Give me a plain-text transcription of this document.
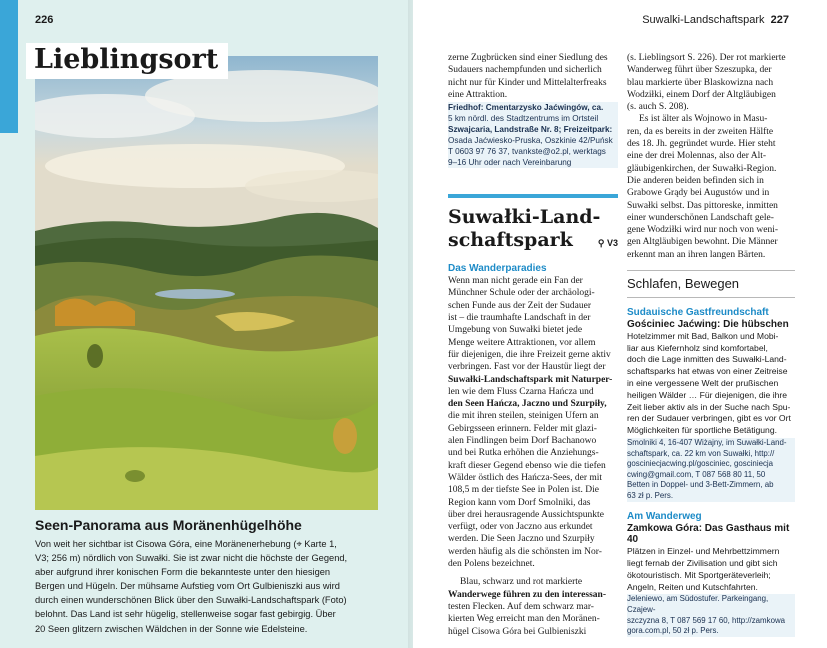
226
Lieblingsort
Seen-Panorama aus Moränenhügelhöhe
Von weit her sichtbar ist Cisowa Góra, eine Moränenerhebung (⌖ Karte 1,
V3; 256 m) nördlich von Suwałki. Sie ist zwar nicht die höchste der Gegend,
aber aufgrund ihrer konischen Form die bekannteste unter den hiesigen
Bergen und Hügeln. Der mühsame Aufstieg vom Ort Gulbieniszki aus wird
durch einen wunderschönen Blick über den Suwałki-Landschaftspark (Foto)
belohnt. Das Land ist sehr hügelig, stellenweise sogar fast gebirgig. Über
20 Seen glitzern zwischen Wäldchen in der Sonne wie Edelsteine.
Suwalki-Landschaftspark 227
zerne Zugbrücken sind einer Siedlung des
Sudauers nachempfunden und sicherlich
nicht nur für Kinder und Mittelalterfreaks
eine Attraktion.
Friedhof: Cmentarzysko Jaćwingów, ca.
5 km nördl. des Stadtzentrums im Ortsteil
Szwajcaria, Landstraße Nr. 8; Freizeitpark:
Osada Jaćwiesko-Pruska, Oszkinie 42/Puńsk
T 0603 97 76 37, tvankste@o2.pl, werktags
9–16 Uhr oder nach Vereinbarung
Suwałki-Land-
schaftspark	⚲ V3
Das Wanderparadies
Wenn man nicht gerade ein Fan der
Münchner Schule oder der archäologi-
schen Funde aus der Zeit der Sudauer
ist – die traumhafte Landschaft in der
Umgebung von Suwałki bietet jede
Menge weitere Attraktionen, vor allem
für diejenigen, die ihre Freizeit gerne aktiv
verbringen. Fast vor der Haustür liegt der
Suwałki-Landschaftspark mit Naturper-
len wie dem Fluss Czarna Hańcza und
den Seen Hańcza, Jaczno und Szurpiły,
die mit ihren steilen, steinigen Ufern an
Gebirgsseen erinnern. Felder mit glazi-
alen Findlingen beim Dorf Bachanowo
und bei Rutka erhöhen die Anziehungs-
kraft dieser Gegend ebenso wie die tiefen
Wälder östlich des Hańcza-Sees, der mit
108,5 m der tiefste See in Polen ist. Die
Region kann vom Dorf Smolniki, das
über drei herausragende Aussichtspunkte
verfügt, oder von Jaczno aus erkundet
werden. Die Seen Jaczno und Szurpiły
werden häufig als die schönsten im Nor-
den Polens bezeichnet.
Blau, schwarz und rot markierte
Wanderwege führen zu den interessan-
testen Flecken. Auf dem schwarz mar-
kierten Weg erreicht man den Moränen-
hügel Cisowa Góra bei Gulbieniszki
(s. Lieblingsort S. 226). Der rot markierte
Wanderweg führt über Szeszupka, der
blau markierte über Blaskowizna nach
Wodziłki, einem Dorf der Altgläubigen
(s. auch S. 208).
Es ist älter als Wojnowo in Masu-
ren, da es bereits in der zweiten Hälfte
des 18. Jh. gegründet wurde. Hier steht
eine der drei Molennas, also der Alt-
gläubigenkirchen, der Suwałki-Region.
Die anderen beiden befinden sich in
Grabowe Grądy bei Augustów und in
Suwałki selbst. Das pittoreske, inmitten
einer wunderschönen Landschaft gele-
gene Wodziłki wird nur noch von weni-
gen Altgläubigen bewohnt. Die Männer
erkennt man an ihren langen Bärten.
Schlafen, Bewegen
Sudauische Gastfreundschaft
Gościniec Jaćwing: Die hübschen
Hotelzimmer mit Bad, Balkon und Mobi-
liar aus Kiefernholz sind komfortabel,
doch die Lage inmitten des Suwałki-Land-
schaftsparks hat etwas von einer Zeitreise
in eine vergessene Welt der prußischen
heiligen Wälder … Für diejenigen, die ihre
Zeit lieber aktiv als in der Suche nach Spu-
ren der Sudauer verbringen, gibt es vor Ort
Möglichkeiten für sportliche Betätigung.
Smolniki 4, 16-407 Wiżajny, im Suwałki-Land-
schaftspark, ca. 22 km von Suwałki, http://
gosciniecjacwing.pl/gosciniec, gosciniecja
cwing@gmail.com, T 087 568 80 11, 50
Betten in Doppel- und 3-Bett-Zimmern, ab
63 zł p. Pers.
Am Wanderweg
Zamkowa Góra: Das Gasthaus mit 40
Plätzen in Einzel- und Mehrbettzimmern
liegt fernab der Zivilisation und gibt sich
ökotouristisch. Mit Sportgeräteverleih;
Angeln, Reiten und Kutschfahrten.
Jeleniewo, am Südostufer. Parkeingang, Czajew-
szczyzna 8, T 087 569 17 60, http://zamkowa
gora.com.pl, 50 zł p. Pers.
